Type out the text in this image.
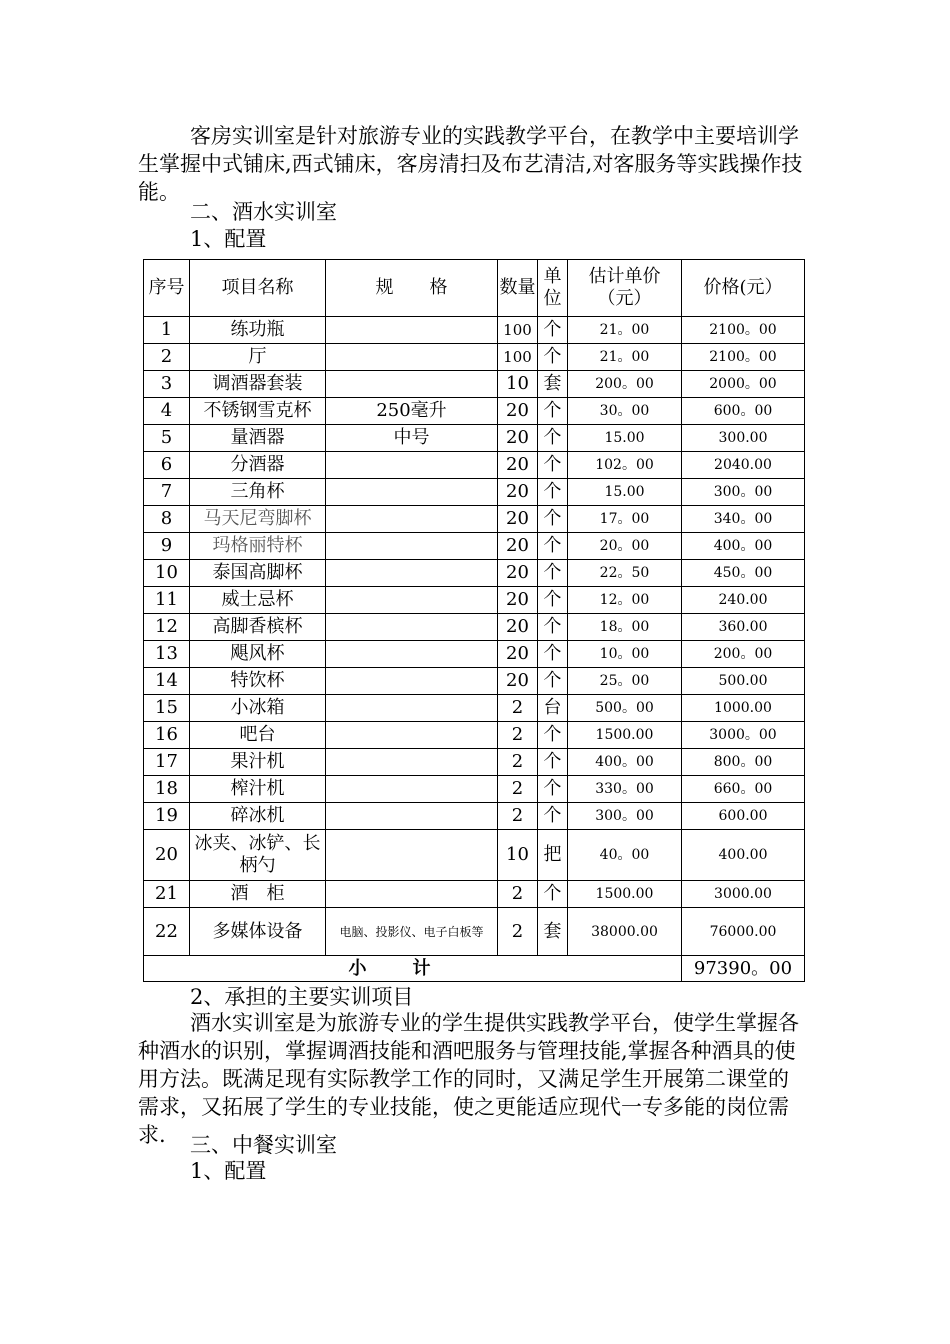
客房实训室是针对旅游专业的实践教学平台，在教学中主要培训学生掌握中式铺床,西式铺床，客房清扫及布艺清洁,对客服务等实践操作技能。

二、酒水实训室

1、配置

序号	项目名称	规　　格	数量	单位	估计单价（元）	价格(元）
1	练功瓶		100	个	21。00	2100。00
2	厅		100	个	21。00	2100。00
3	调酒器套装		10	套	200。00	2000。00
4	不锈钢雪克杯	250毫升	20	个	30。00	600。00
5	量酒器	中号	20	个	15.00	300.00
6	分酒器		20	个	102。00	2040.00
7	三角杯		20	个	15.00	300。00
8	马天尼弯脚杯		20	个	17。00	340。00
9	玛格丽特杯		20	个	20。00	400。00
10	泰国高脚杯		20	个	22。50	450。00
11	威士忌杯		20	个	12。00	240.00
12	高脚香槟杯		20	个	18。00	360.00
13	飓风杯		20	个	10。00	200。00
14	特饮杯		20	个	25。00	500.00
15	小冰箱		2	台	500。00	1000.00
16	吧台		2	个	1500.00	3000。00
17	果汁机		2	个	400。00	800。00
18	榨汁机		2	个	330。00	660。00
19	碎冰机		2	个	300。00	600.00
20	冰夹、冰铲、长柄勺		10	把	40。00	400.00
21	酒　柜		2	个	1500.00	3000.00
22	多媒体设备	电脑、投影仪、电子白板等	2	套	38000.00	76000.00
小计						97390。00

2、承担的主要实训项目

酒水实训室是为旅游专业的学生提供实践教学平台，使学生掌握各种酒水的识别，掌握调酒技能和酒吧服务与管理技能,掌握各种酒具的使用方法。既满足现有实际教学工作的同时，又满足学生开展第二课堂的需求，又拓展了学生的专业技能，使之更能适应现代一专多能的岗位需求.	三、中餐实训室

1、配置
